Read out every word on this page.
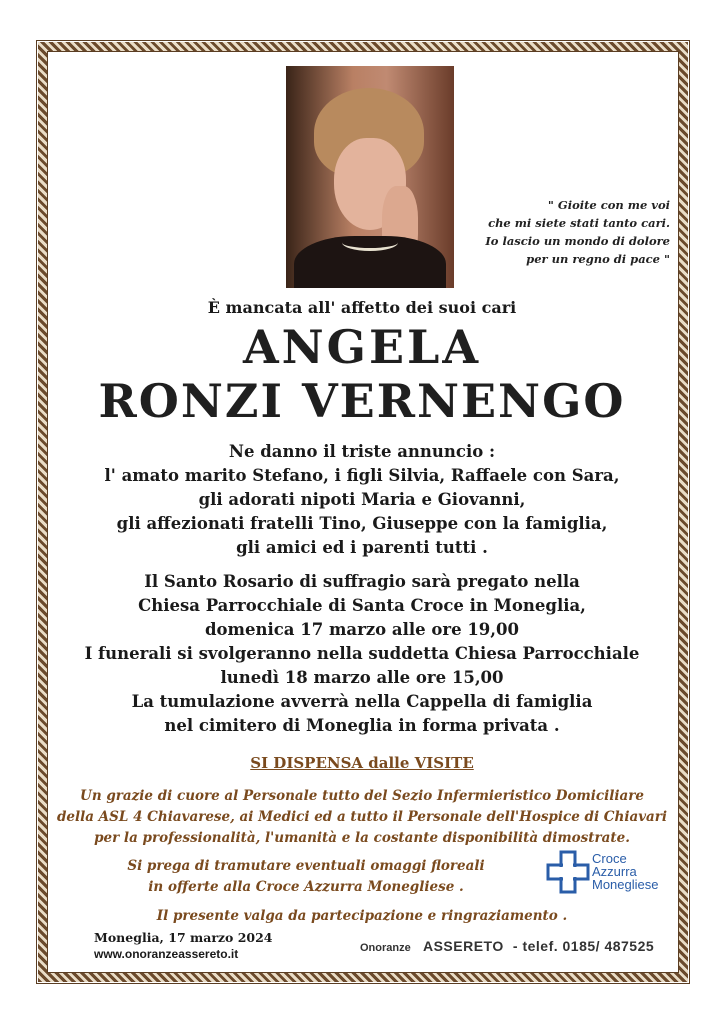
" Gioite con me voi
che mi siete stati tanto cari.
Io lascio un mondo di dolore
per un regno di pace "
È mancata all' affetto dei suoi cari
ANGELA
RONZI VERNENGO
Ne danno il triste annuncio :
l' amato marito Stefano, i figli Silvia, Raffaele con Sara,
gli adorati nipoti Maria e Giovanni,
gli affezionati fratelli Tino, Giuseppe con la famiglia,
gli amici ed i parenti tutti .
Il Santo Rosario di suffragio sarà pregato nella
Chiesa Parrocchiale di Santa Croce in Moneglia,
domenica 17 marzo alle ore 19,00
I funerali si svolgeranno nella suddetta Chiesa Parrocchiale
lunedì 18 marzo alle ore 15,00
La tumulazione avverrà nella Cappella di famiglia
nel cimitero di Moneglia in forma privata .
SI DISPENSA dalle VISITE
Un grazie di cuore al Personale tutto del Sezio Infermieristico Domiciliare
della ASL 4 Chiavarese, ai Medici ed a tutto il Personale dell'Hospice di Chiavari
per la professionalità, l'umanità e la costante disponibilità dimostrate.
Si prega di tramutare eventuali omaggi floreali
in offerte alla Croce Azzurra Monegliese .
Croce
Azzurra
Monegliese
Il presente valga da partecipazione e ringraziamento .
Moneglia, 17 marzo 2024
www.onoranzeassereto.it	Onoranze ASSERETO - telef. 0185/ 487525
